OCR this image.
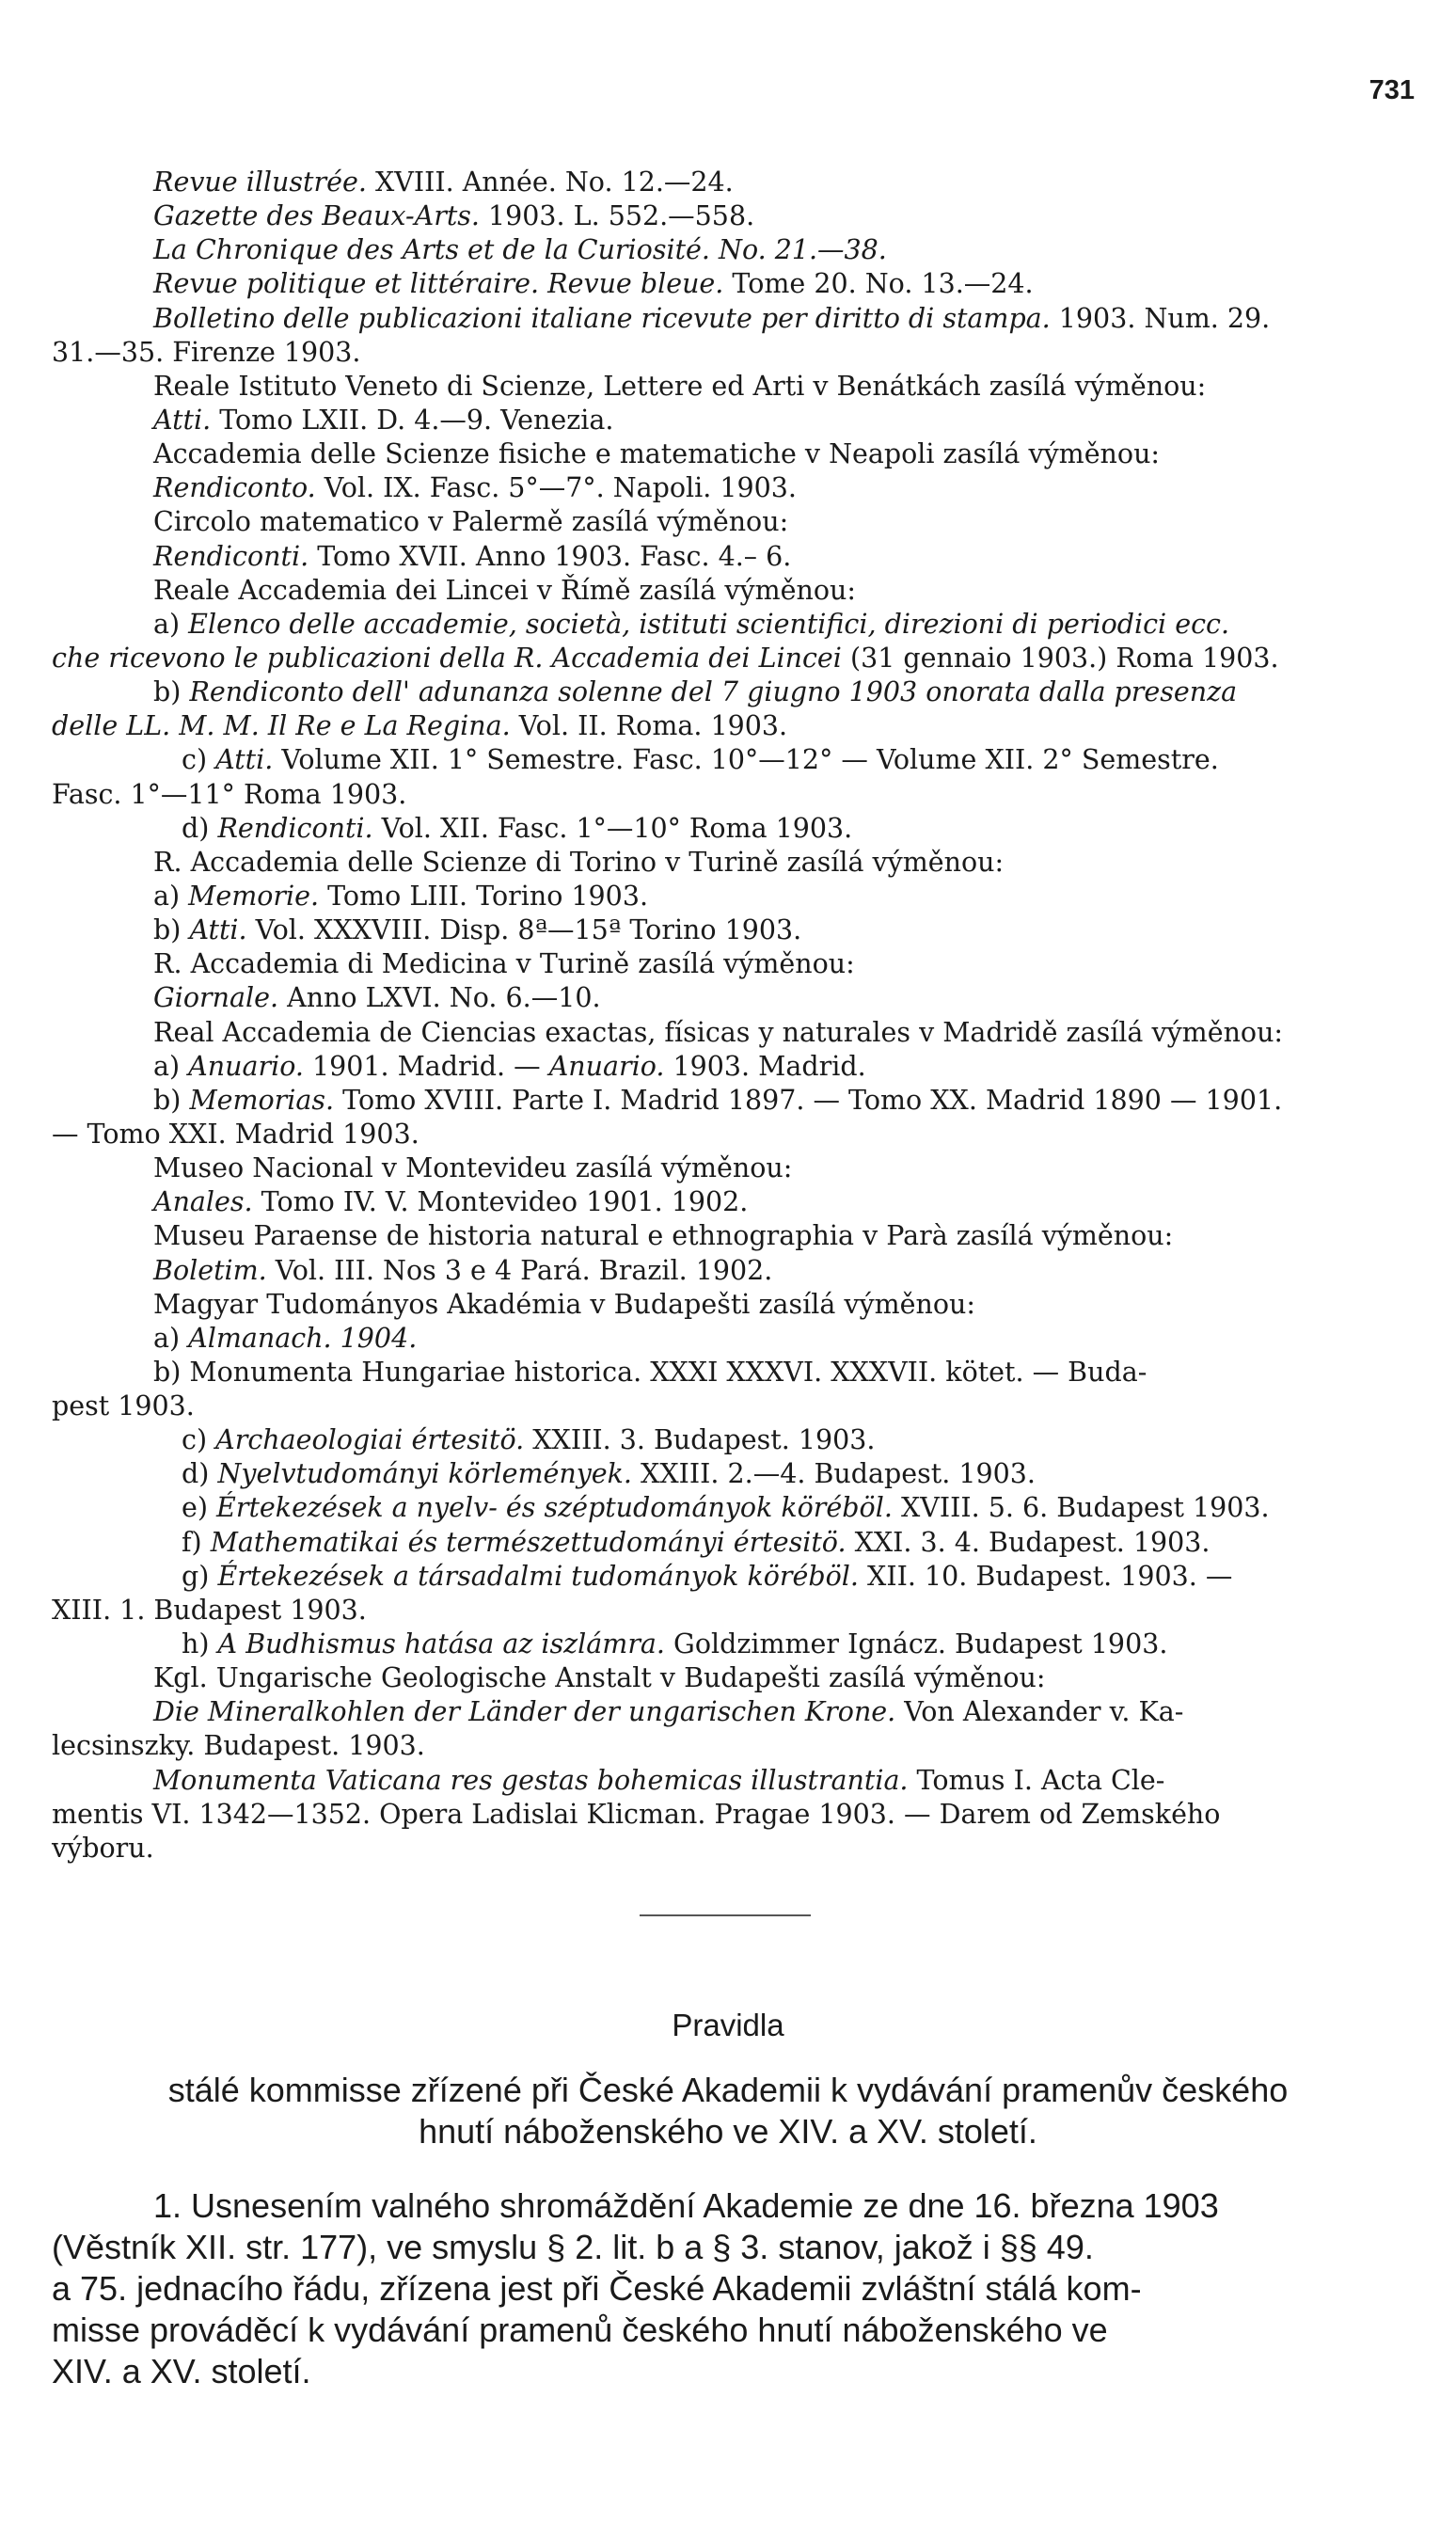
731
Revue illustrée. XVIII. Année. No. 12.—24.
Gazette des Beaux-Arts. 1903. L. 552.—558.
La Chronique des Arts et de la Curiosité. No. 21.—38.
Revue politique et littéraire. Revue bleue. Tome 20. No. 13.—24.
Bolletino delle publicazioni italiane ricevute per diritto di stampa. 1903. Num. 29.
31.—35. Firenze 1903.
Reale Istituto Veneto di Scienze, Lettere ed Arti v Benátkách zasílá výměnou:
Atti. Tomo LXII. D. 4.—9. Venezia.
Accademia delle Scienze fisiche e matematiche v Neapoli zasílá výměnou:
Rendiconto. Vol. IX. Fasc. 5°—7°. Napoli. 1903.
Circolo matematico v Palermě zasílá výměnou:
Rendiconti. Tomo XVII. Anno 1903. Fasc. 4.– 6.
Reale Accademia dei Lincei v Římě zasílá výměnou:
a) Elenco delle accademie, società, istituti scientifici, direzioni di periodici ecc.
che ricevono le publicazioni della R. Accademia dei Lincei (31 gennaio 1903.) Roma 1903.
b) Rendiconto dell' adunanza solenne del 7 giugno 1903 onorata dalla presenza
delle LL. M. M. Il Re e La Regina. Vol. II. Roma. 1903.
c) Atti. Volume XII. 1° Semestre. Fasc. 10°—12° — Volume XII. 2° Semestre.
Fasc. 1°—11° Roma 1903.
d) Rendiconti. Vol. XII. Fasc. 1°—10° Roma 1903.
R. Accademia delle Scienze di Torino v Turině zasílá výměnou:
a) Memorie. Tomo LIII. Torino 1903.
b) Atti. Vol. XXXVIII. Disp. 8ª—15ª Torino 1903.
R. Accademia di Medicina v Turině zasílá výměnou:
Giornale. Anno LXVI. No. 6.—10.
Real Accademia de Ciencias exactas, físicas y naturales v Madridě zasílá výměnou:
a) Anuario. 1901. Madrid. — Anuario. 1903. Madrid.
b) Memorias. Tomo XVIII. Parte I. Madrid 1897. — Tomo XX. Madrid 1890 — 1901.
— Tomo XXI. Madrid 1903.
Museo Nacional v Montevideu zasílá výměnou:
Anales. Tomo IV. V. Montevideo 1901. 1902.
Museu Paraense de historia natural e ethnographia v Parà zasílá výměnou:
Boletim. Vol. III. Nos 3 e 4 Pará. Brazil. 1902.
Magyar Tudományos Akadémia v Budapešti zasílá výměnou:
a) Almanach. 1904.
b) Monumenta Hungariae historica. XXXI XXXVI. XXXVII. kötet. — Buda-
pest 1903.
c) Archaeologiai értesitö. XXIII. 3. Budapest. 1903.
d) Nyelvtudományi körlemények. XXIII. 2.—4. Budapest. 1903.
e) Értekezések a nyelv- és széptudományok köréböl. XVIII. 5. 6. Budapest 1903.
f) Mathematikai és természettudományi értesitö. XXI. 3. 4. Budapest. 1903.
g) Értekezések a társadalmi tudományok köréböl. XII. 10. Budapest. 1903. —
XIII. 1. Budapest 1903.
h) A Budhismus hatása az iszlámra. Goldzimmer Ignácz. Budapest 1903.
Kgl. Ungarische Geologische Anstalt v Budapešti zasílá výměnou:
Die Mineralkohlen der Länder der ungarischen Krone. Von Alexander v. Ka-
lecsinszky. Budapest. 1903.
Monumenta Vaticana res gestas bohemicas illustrantia. Tomus I. Acta Cle-
mentis VI. 1342—1352. Opera Ladislai Klicman. Pragae 1903. — Darem od Zemského
výboru.
Pravidla
stálé kommisse zřízené při České Akademii k vydávání pramenův českého
hnutí náboženského ve XIV. a XV. století.
1. Usnesením valného shromáždění Akademie ze dne 16. března 1903
(Věstník XII. str. 177), ve smyslu § 2. lit. b a § 3. stanov, jakož i §§ 49.
a 75. jednacího řádu, zřízena jest při České Akademii zvláštní stálá kom-
misse prováděcí k vydávání pramenů českého hnutí náboženského ve
XIV. a XV. století.
